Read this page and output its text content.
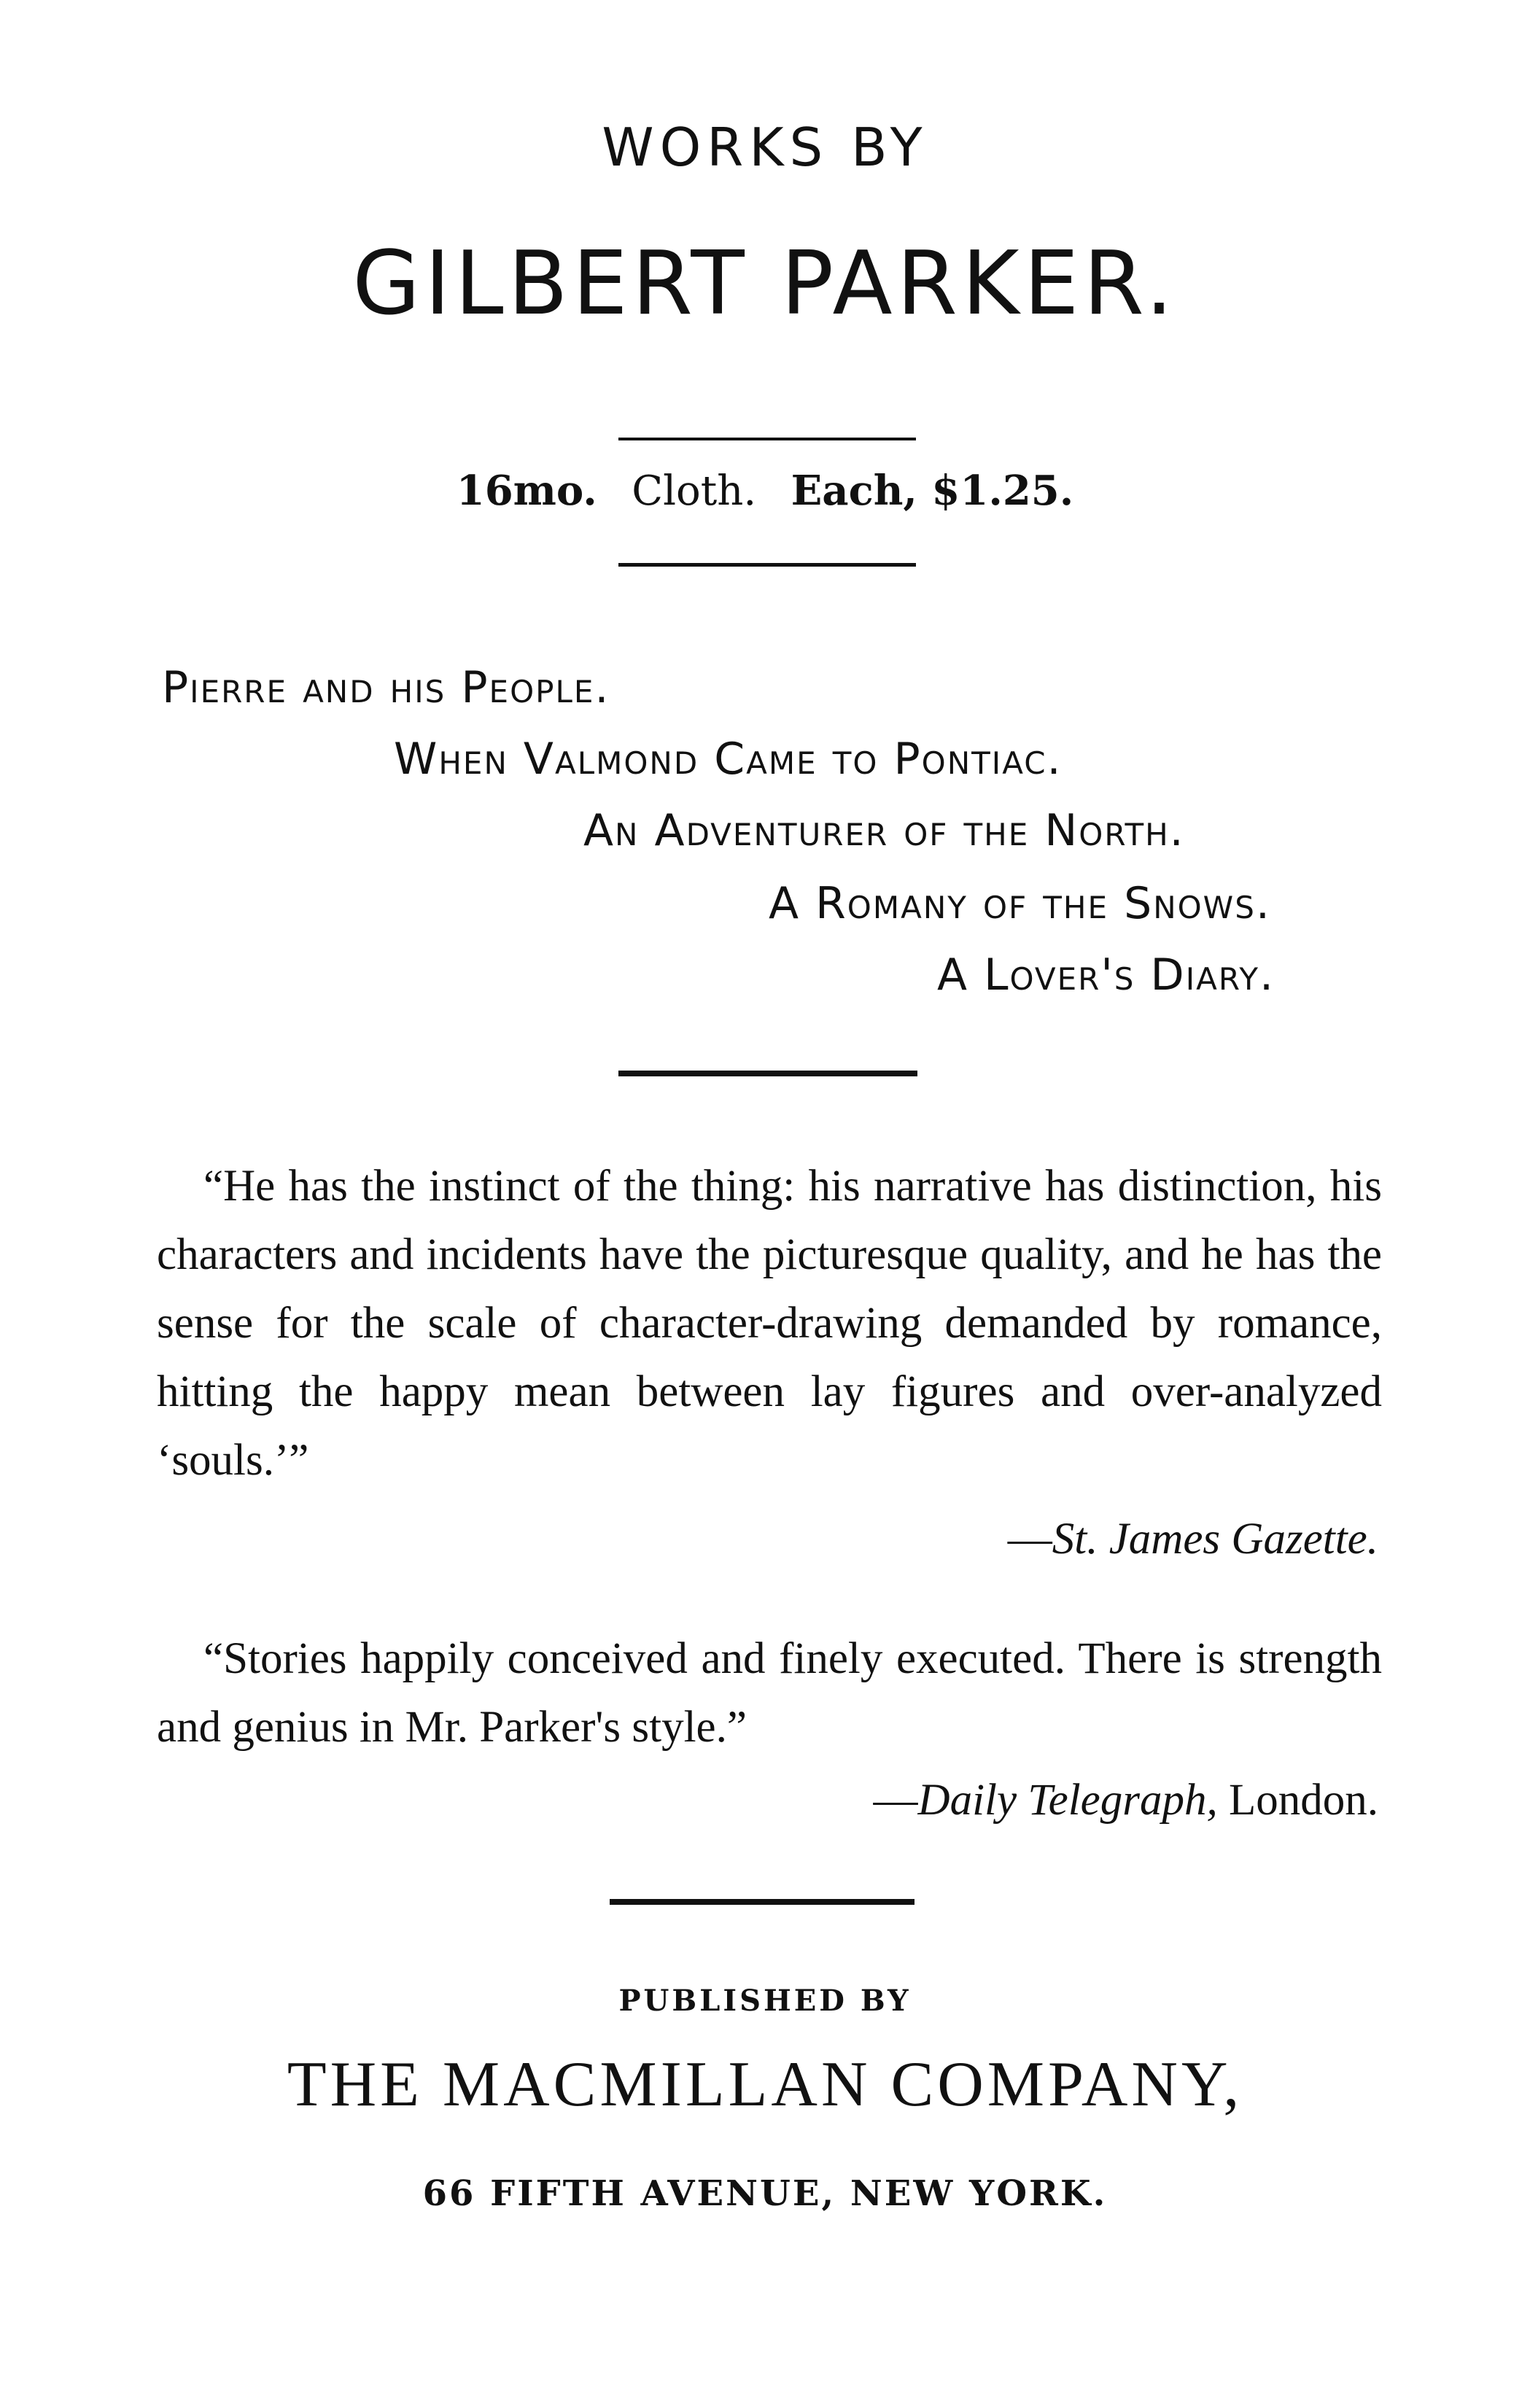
WORKS BY
GILBERT PARKER.
16mo. Cloth. Each, $1.25.
Pierre and his People.
When Valmond Came to Pontiac.
An Adventurer of the North.
A Romany of the Snows.
A Lover's Diary.
“He has the instinct of the thing: his narrative has distinction, his characters and incidents have the picturesque quality, and he has the sense for the scale of character-drawing demanded by romance, hitting the happy mean between lay figures and over-analyzed ‘souls.’”
—St. James Gazette.
“Stories happily conceived and finely executed. There is strength and genius in Mr. Parker's style.”
—Daily Telegraph, London.
PUBLISHED BY
THE MACMILLAN COMPANY,
66 FIFTH AVENUE, NEW YORK.
